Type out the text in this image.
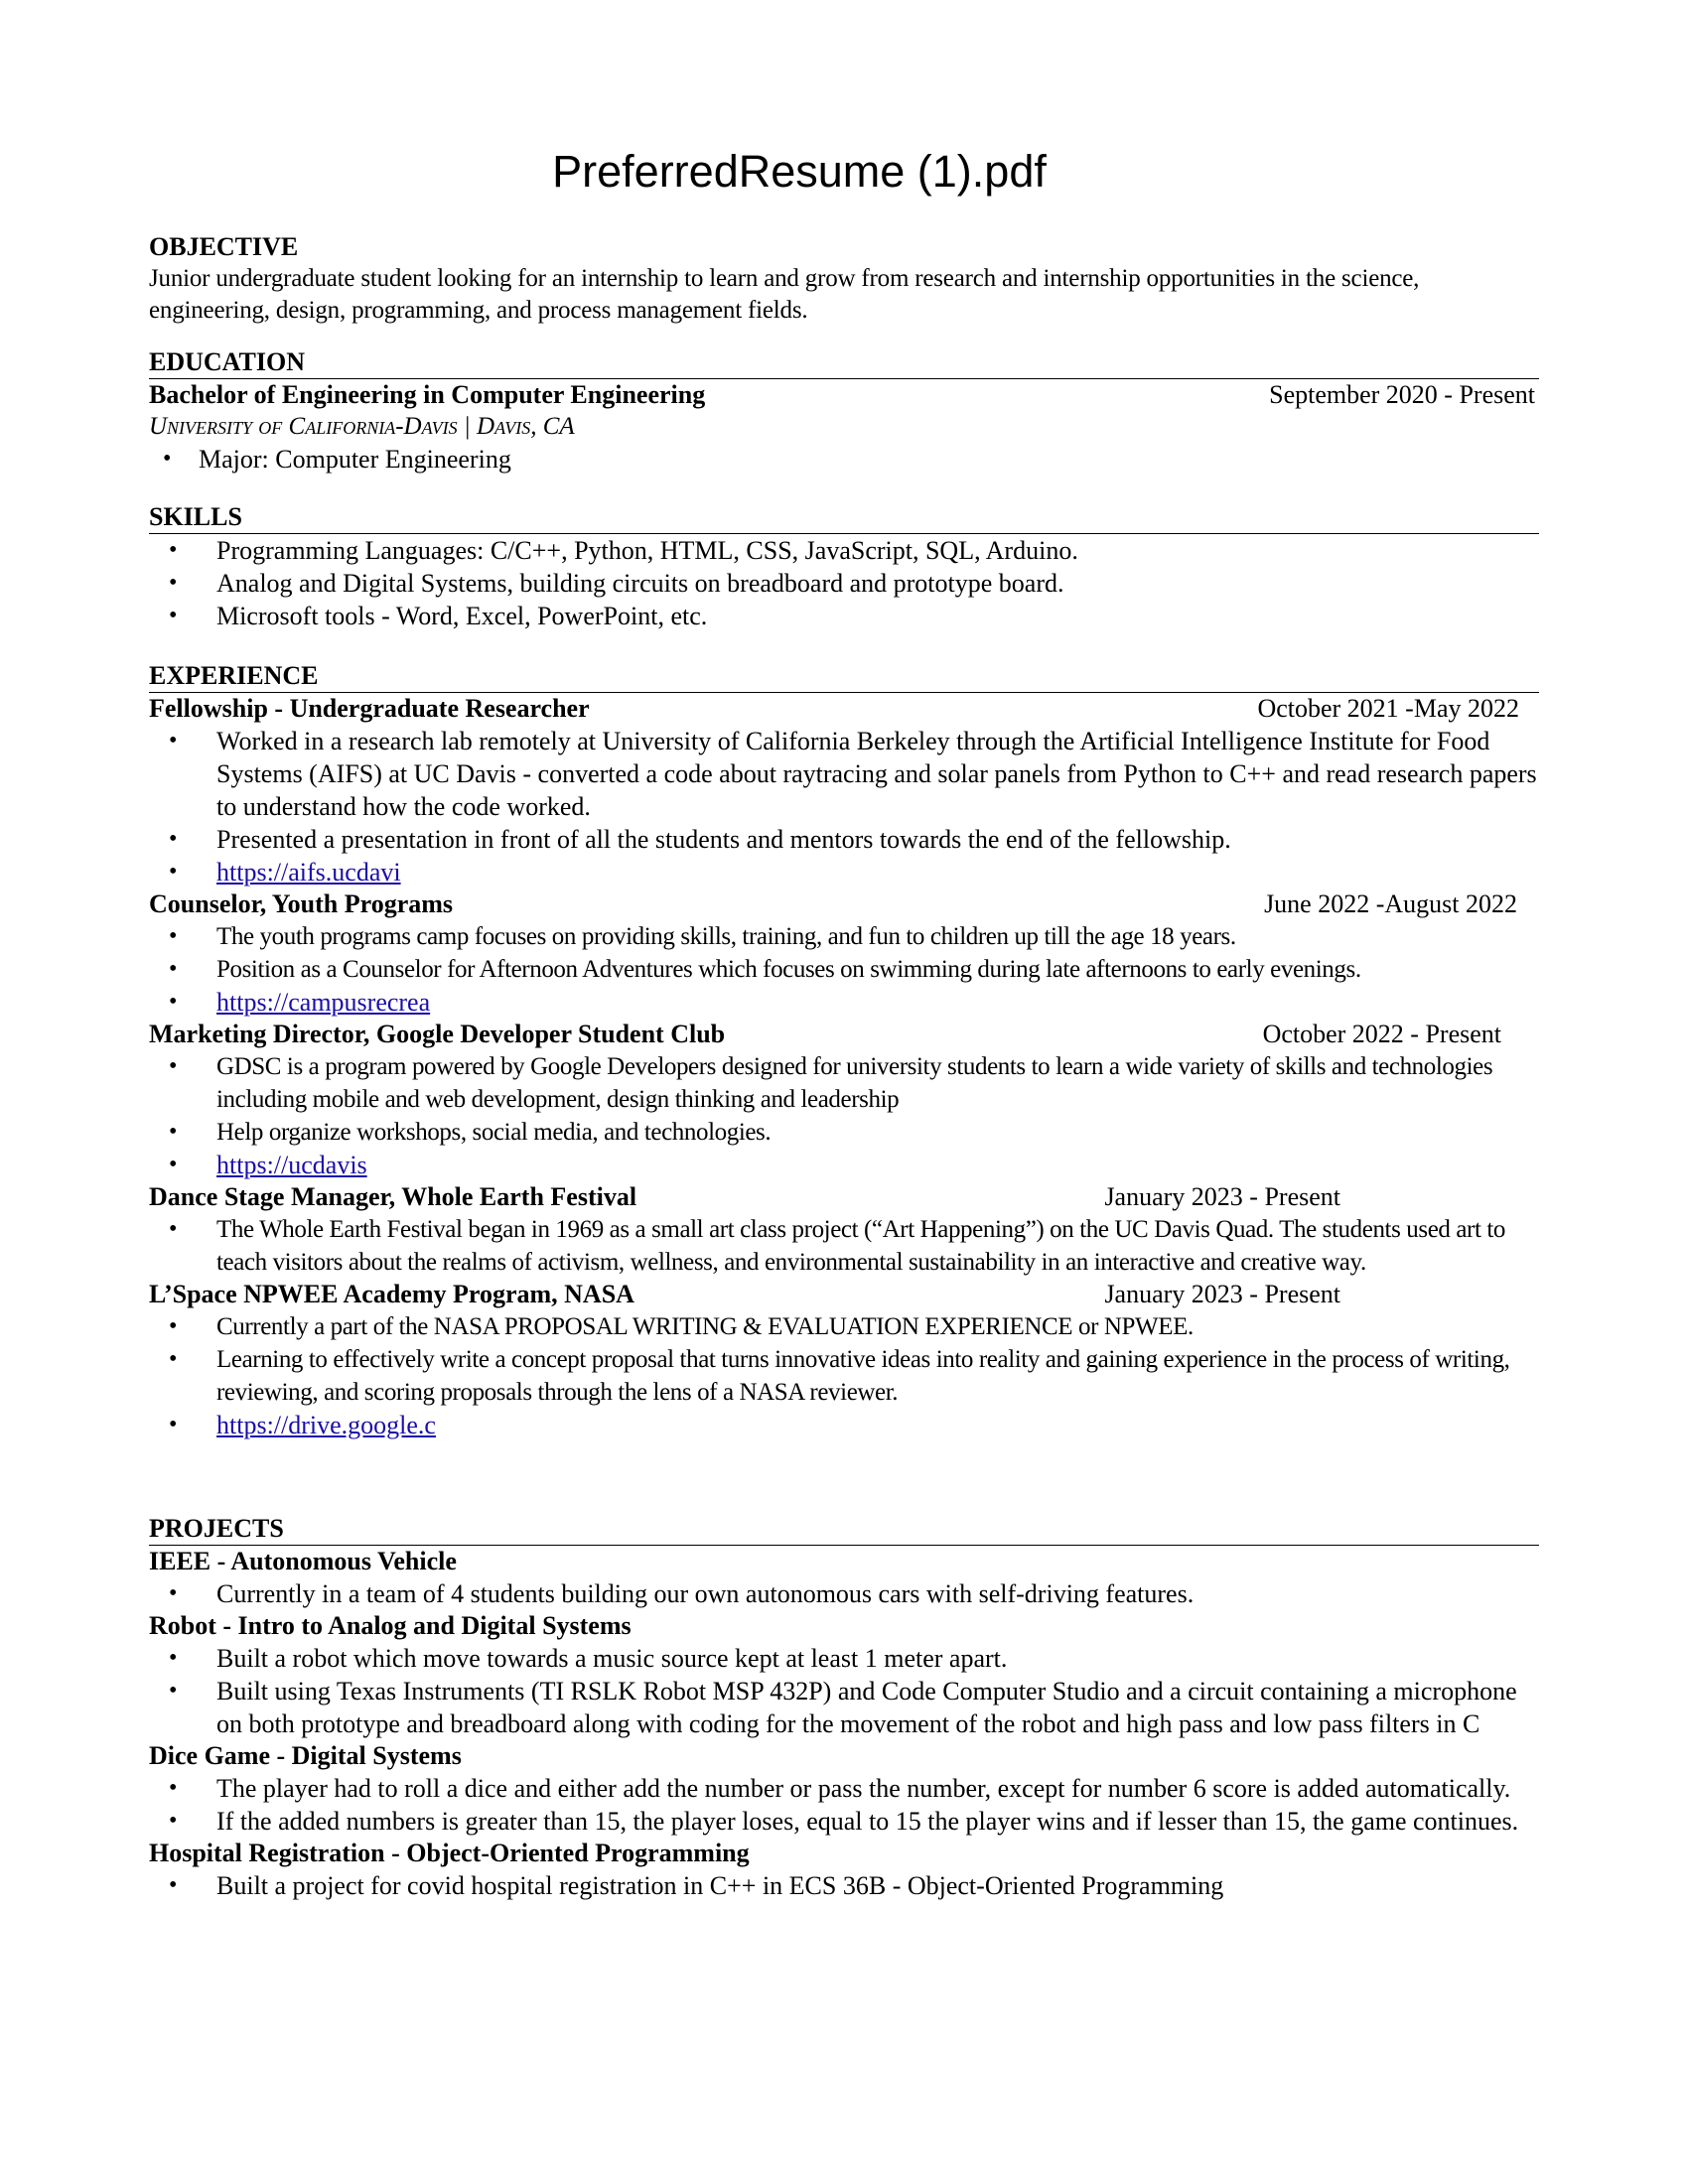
PreferredResume (1).pdf
OBJECTIVE
Junior undergraduate student looking for an internship to learn and grow from research and internship opportunities in the science, engineering, design, programming, and process management fields.
EDUCATION
Bachelor of Engineering in Computer Engineering	September 2020 - Present
University of California-Davis | Davis, CA
• Major: Computer Engineering
SKILLS
• Programming Languages: C/C++, Python, HTML, CSS, JavaScript, SQL, Arduino.
• Analog and Digital Systems, building circuits on breadboard and prototype board.
• Microsoft tools - Word, Excel, PowerPoint, etc.
EXPERIENCE
Fellowship - Undergraduate Researcher	October 2021 -May 2022
• Worked in a research lab remotely at University of California Berkeley through the Artificial Intelligence Institute for Food Systems (AIFS) at UC Davis - converted a code about raytracing and solar panels from Python to C++ and read research papers to understand how the code worked.
• Presented a presentation in front of all the students and mentors towards the end of the fellowship.
• https://aifs.ucdavi
Counselor, Youth Programs	June 2022 -August 2022
• The youth programs camp focuses on providing skills, training, and fun to children up till the age 18 years.
• Position as a Counselor for Afternoon Adventures which focuses on swimming during late afternoons to early evenings.
• https://campusrecrea
Marketing Director, Google Developer Student Club	October 2022 - Present
• GDSC is a program powered by Google Developers designed for university students to learn a wide variety of skills and technologies including mobile and web development, design thinking and leadership
• Help organize workshops, social media, and technologies.
• https://ucdavis
Dance Stage Manager, Whole Earth Festival	January 2023 - Present
• The Whole Earth Festival began in 1969 as a small art class project (“Art Happening”) on the UC Davis Quad. The students used art to teach visitors about the realms of activism, wellness, and environmental sustainability in an interactive and creative way.
L’Space NPWEE Academy Program, NASA	January 2023 - Present
• Currently a part of the NASA PROPOSAL WRITING & EVALUATION EXPERIENCE or NPWEE.
• Learning to effectively write a concept proposal that turns innovative ideas into reality and gaining experience in the process of writing, reviewing, and scoring proposals through the lens of a NASA reviewer.
• https://drive.google.c
PROJECTS
IEEE - Autonomous Vehicle
• Currently in a team of 4 students building our own autonomous cars with self-driving features.
Robot - Intro to Analog and Digital Systems
• Built a robot which move towards a music source kept at least 1 meter apart.
• Built using Texas Instruments (TI RSLK Robot MSP 432P) and Code Computer Studio and a circuit containing a microphone on both prototype and breadboard along with coding for the movement of the robot and high pass and low pass filters in C
Dice Game - Digital Systems
• The player had to roll a dice and either add the number or pass the number, except for number 6 score is added automatically.
• If the added numbers is greater than 15, the player loses, equal to 15 the player wins and if lesser than 15, the game continues.
Hospital Registration - Object-Oriented Programming
• Built a project for covid hospital registration in C++ in ECS 36B - Object-Oriented Programming
